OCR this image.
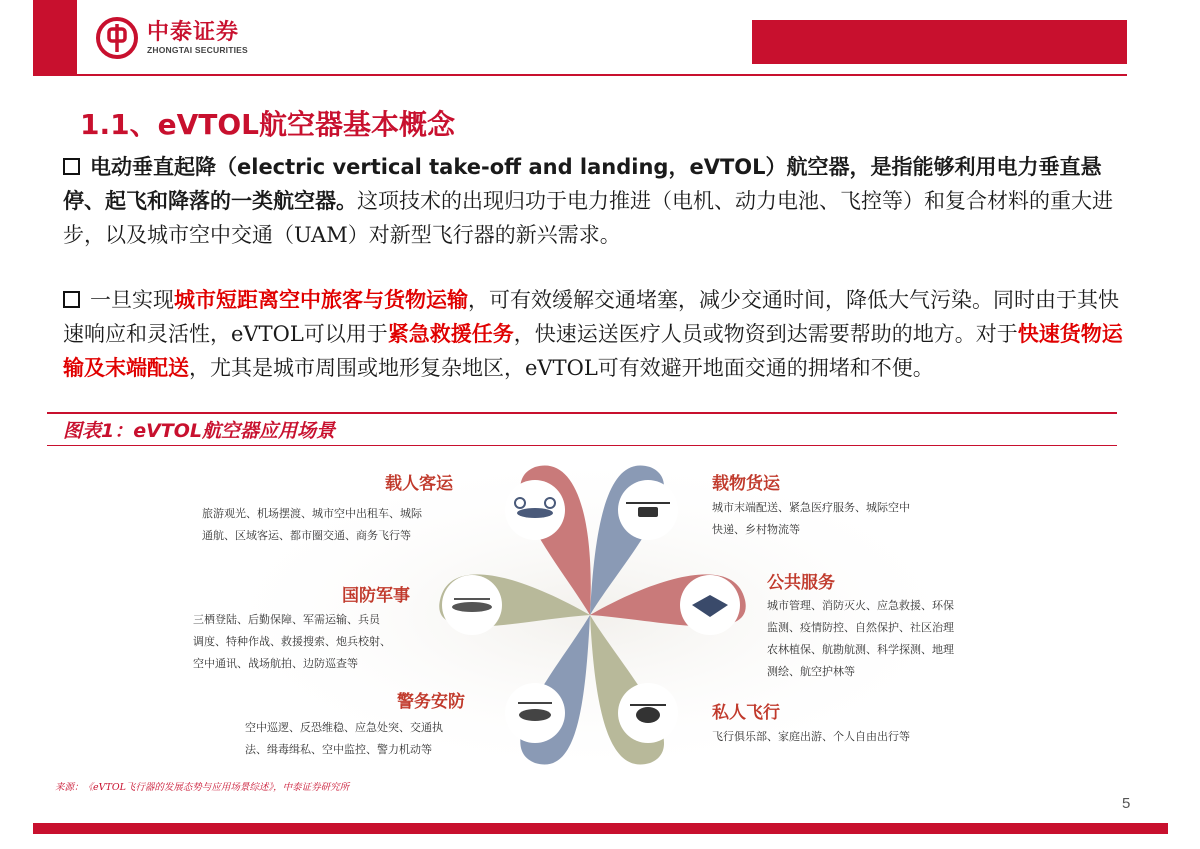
中泰证券
ZHONGTAI SECURITIES
1.1、eVTOL航空器基本概念
电动垂直起降（electric vertical take-off and landing，eVTOL）航空器，是指能够利用电力垂直悬停、起飞和降落的一类航空器。这项技术的出现归功于电力推进（电机、动力电池、飞控等）和复合材料的重大进步，以及城市空中交通（UAM）对新型飞行器的新兴需求。
一旦实现城市短距离空中旅客与货物运输，可有效缓解交通堵塞，减少交通时间，降低大气污染。同时由于其快速响应和灵活性，eVTOL可以用于紧急救援任务，快速运送医疗人员或物资到达需要帮助的地方。对于快速货物运输及末端配送，尤其是城市周围或地形复杂地区，eVTOL可有效避开地面交通的拥堵和不便。
图表1：eVTOL航空器应用场景
载人客运
旅游观光、机场摆渡、城市空中出租车、城际
通航、区域客运、都市圈交通、商务飞行等
载物货运
城市末端配送、紧急医疗服务、城际空中
快递、乡村物流等
国防军事
三栖登陆、后勤保障、军需运输、兵员
调度、特种作战、救援搜索、炮兵校射、
空中通讯、战场航拍、边防巡查等
公共服务
城市管理、消防灭火、应急救援、环保
监测、疫情防控、自然保护、社区治理
农林植保、航勘航测、科学探测、地理
测绘、航空护林等
警务安防
空中巡逻、反恐维稳、应急处突、交通执
法、缉毒缉私、空中监控、警力机动等
私人飞行
飞行俱乐部、家庭出游、个人自由出行等
来源：《eVTOL飞行器的发展态势与应用场景综述》，中泰证券研究所
5
